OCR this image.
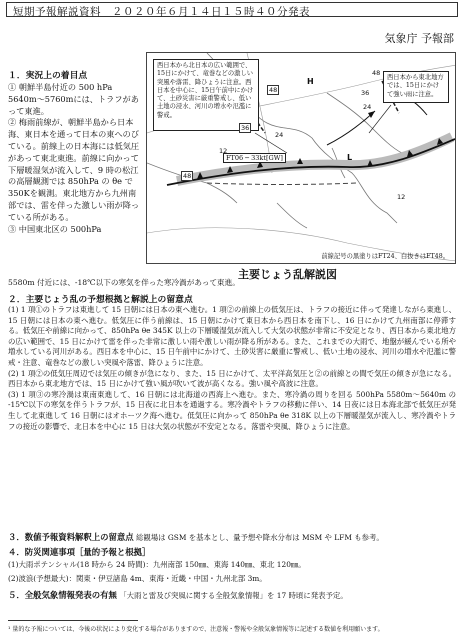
短期予報解説資料　２０２０年６月１４日１５時４０分発表
気象庁 予報部
１．実況上の着目点

① 朝鮮半島付近の 500 hPa 5640m〜5760mには、トラフがあって東進。

② 梅雨前線が、朝鮮半島から日本海、東日本を通って日本の東へのびている。前線上の日本海には低気圧があって東北東進。前線に向かって下層暖湿気が流入して、9 時の松江の高層観測では 850hPa の θe で350Kを観測。東北地方から九州南部では、雷を伴った激しい雨が降っている所がある。

③ 中国東北区の 500hPa

5580m 付近には、-18℃以下の寒気を伴った寒冷渦があって東進。
西日本から北日本の広い範囲で、15日にかけて、竜巻などの激しい突風や落雷、降ひょうに注意。西日本を中心に、15日午前中にかけて、土砂災害に厳重警戒し、低い土地の浸水、河川の増水や氾濫に警戒。
西日本から東北地方では、15日にかけて強い雨に注意。
FT06 ─ 33kt[GW]
H
L
48
36
24
12
48
36
24
12
48
前線記号の黒塗りはFT24、白抜きはFT48。
主要じょう乱解説図
２．主要じょう乱の予想根拠と解説上の留意点

(1) 1 項①のトラフは東進して 15 日朝には日本の東へ進む。1 項②の前線上の低気圧は、トラフの接近に伴って発達しながら東進し、15 日朝には日本の東へ進む。低気圧に伴う前線は、15 日朝にかけて東日本から西日本を南下し、16 日にかけて九州南部に停滞する。低気圧や前線に向かって、850hPa θe 345K 以上の下層暖湿気が流入して大気の状態が非常に不安定となり、西日本から東北地方の広い範囲で、15 日にかけて雷を伴った非常に激しい雨や激しい雨が降る所がある。また、これまでの大雨で、地盤が緩んでいる所や増水している河川がある。西日本を中心に、15 日午前中にかけて、土砂災害に厳重に警戒し、低い土地の浸水、河川の増水や氾濫に警戒・注意、竜巻などの激しい突風や落雷、降ひょうに注意。

(2) 1 項②の低気圧周辺では気圧の傾きが急になり、また、15 日にかけて、太平洋高気圧と②の前線との間で気圧の傾きが急になる。西日本から東北地方では、15 日にかけて強い風が吹いて波が高くなる。強い風や高波に注意。

(3) 1 項③の寒冷渦は東南東進して、16 日朝には北海道の西海上へ進む。また、寒冷渦の周りを回る 500hPa 5580m〜5640m の -15℃以下の寒気を伴うトラフが、15 日夜に北日本を通過する。寒冷渦やトラフの移動に伴い、14 日夜には日本海北部で低気圧が発生して北東進して 16 日朝にはオホーツク海へ進む。低気圧に向かって 850hPa θe 318K 以上の下層暖湿気が流入し、寒冷渦やトラフの接近の影響で、北日本を中心に 15 日は大気の状態が不安定となる。落雷や突風、降ひょうに注意。

３．数値予報資料解釈上の留意点 総観場は GSM を基本とし、量予想や降水分布は MSM や LFM も参考。
４．防災関連事項［量的予報と根拠］
(1)大雨ポテンシャル(18 時から 24 時間)：九州南部 150㎜、東海 140㎜、東北 120㎜。
(2)波浪(予想最大)：関東・伊豆諸島 4m、東海・近畿・中国・九州北部 3m。
５．全般気象情報発表の有無 「大雨と雷及び突風に関する全般気象情報」を 17 時頃に発表予定。
¹ 量的な予報については、今後の状況により変化する場合がありますので、注意報・警報や全般気象情報等に記述する数値を利用願います。
